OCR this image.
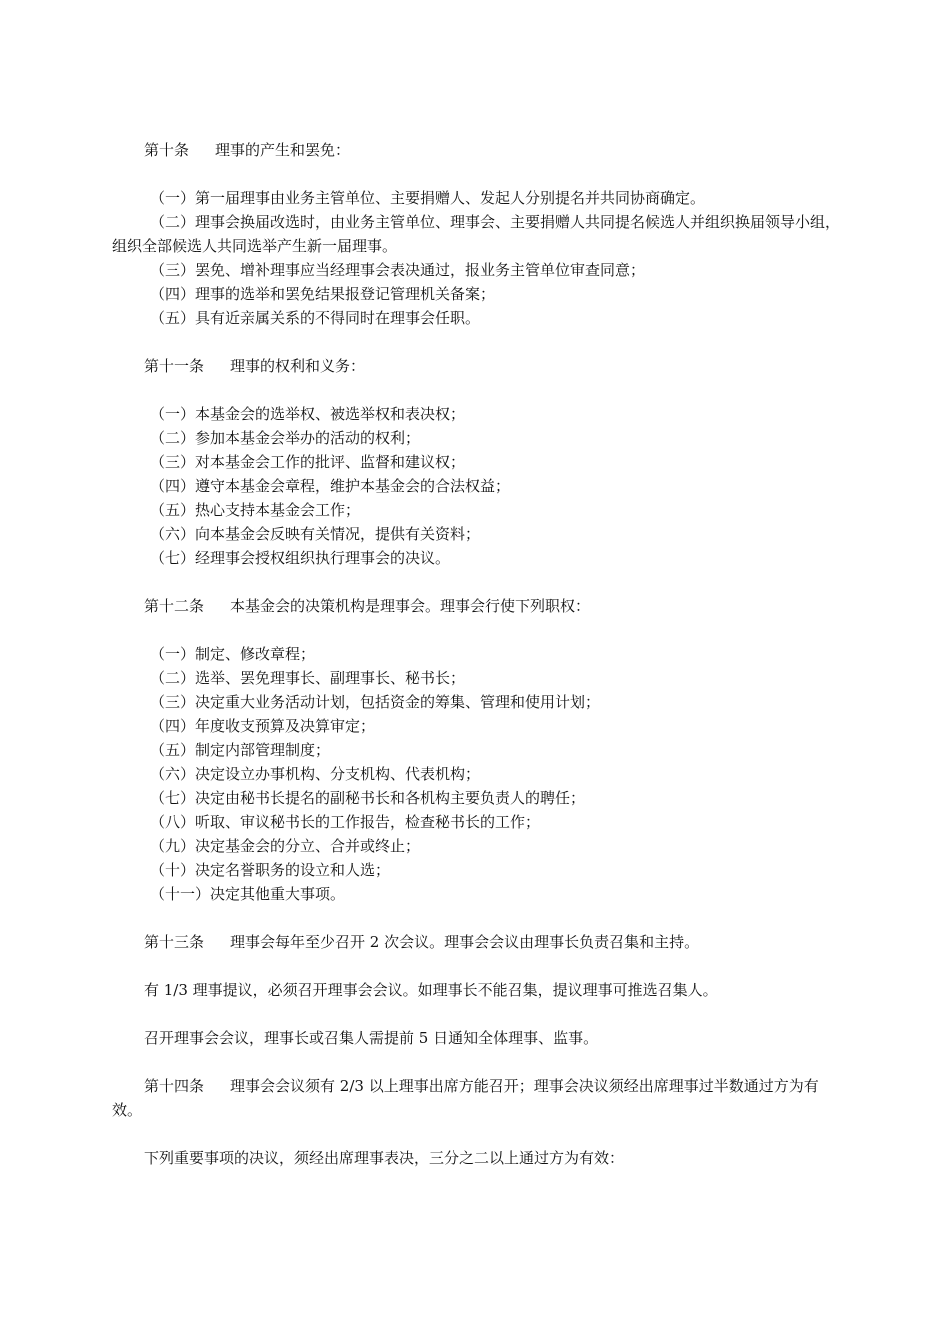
第十条 理事的产生和罢免：

（一）第一届理事由业务主管单位、主要捐赠人、发起人分别提名并共同协商确定。

（二）理事会换届改选时，由业务主管单位、理事会、主要捐赠人共同提名候选人并组织换届领导小组，组织全部候选人共同选举产生新一届理事。

（三）罢免、增补理事应当经理事会表决通过，报业务主管单位审查同意；

（四）理事的选举和罢免结果报登记管理机关备案；

（五）具有近亲属关系的不得同时在理事会任职。

第十一条 理事的权利和义务：

（一）本基金会的选举权、被选举权和表决权；

（二）参加本基金会举办的活动的权利；

（三）对本基金会工作的批评、监督和建议权；

（四）遵守本基金会章程，维护本基金会的合法权益；

（五）热心支持本基金会工作；

（六）向本基金会反映有关情况，提供有关资料；

（七）经理事会授权组织执行理事会的决议。

第十二条 本基金会的决策机构是理事会。理事会行使下列职权：

（一）制定、修改章程；

（二）选举、罢免理事长、副理事长、秘书长；

（三）决定重大业务活动计划，包括资金的筹集、管理和使用计划；

（四）年度收支预算及决算审定；

（五）制定内部管理制度；

（六）决定设立办事机构、分支机构、代表机构；

（七）决定由秘书长提名的副秘书长和各机构主要负责人的聘任；

（八）听取、审议秘书长的工作报告，检查秘书长的工作；

（九）决定基金会的分立、合并或终止；

（十）决定名誉职务的设立和人选；

（十一）决定其他重大事项。

第十三条 理事会每年至少召开 2 次会议。理事会会议由理事长负责召集和主持。

有 1/3 理事提议，必须召开理事会会议。如理事长不能召集，提议理事可推选召集人。

召开理事会会议，理事长或召集人需提前 5 日通知全体理事、监事。

第十四条 理事会会议须有 2/3 以上理事出席方能召开；理事会决议须经出席理事过半数通过方为有效。

下列重要事项的决议，须经出席理事表决，三分之二以上通过方为有效：
